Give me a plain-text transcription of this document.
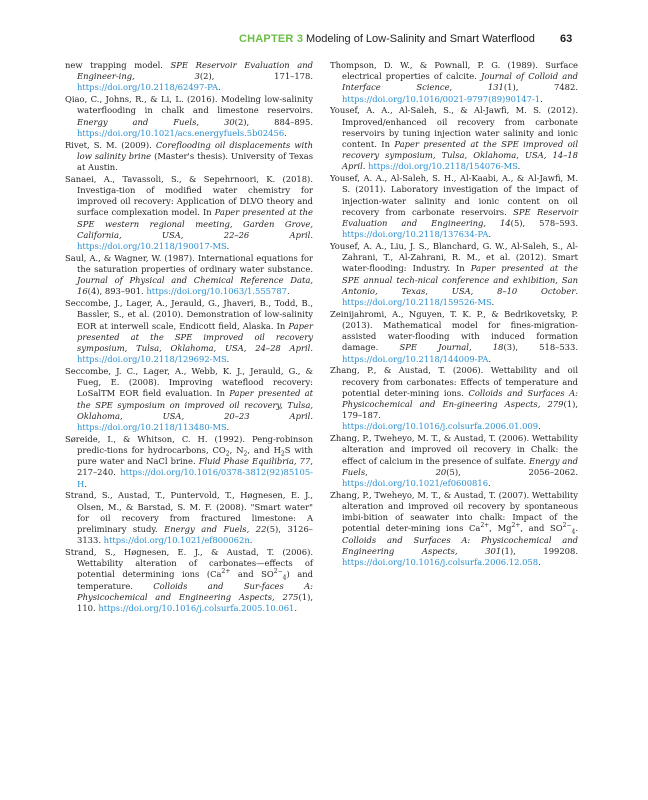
CHAPTER 3 Modeling of Low-Salinity and Smart Waterflood 63

new trapping model. SPE Reservoir Evaluation and Engineer-ing, 3(2), 171–178. https://doi.org/10.2118/62497-PA.

Qiao, C., Johns, R., & Li, L. (2016). Modeling low-salinity waterflooding in chalk and limestone reservoirs. Energy and Fuels, 30(2), 884–895. https://doi.org/10.1021/acs.energyfuels.5b02456.

Rivet, S. M. (2009). Coreflooding oil displacements with low salinity brine (Master's thesis). University of Texas at Austin.

Sanaei, A., Tavassoli, S., & Sepehrnoori, K. (2018). Investiga-tion of modified water chemistry for improved oil recovery: Application of DLVO theory and surface complexation model. In Paper presented at the SPE western regional meeting, Garden Grove, California, USA, 22–26 April. https://doi.org/10.2118/190017-MS.

Saul, A., & Wagner, W. (1987). International equations for the saturation properties of ordinary water substance. Journal of Physical and Chemical Reference Data, 16(4), 893–901. https://doi.org/10.1063/1.555787.

Seccombe, J., Lager, A., Jerauld, G., Jhaveri, B., Todd, B., Bassler, S., et al. (2010). Demonstration of low-salinity EOR at interwell scale, Endicott field, Alaska. In Paper presented at the SPE improved oil recovery symposium, Tulsa, Oklahoma, USA, 24–28 April. https://doi.org/10.2118/129692-MS.

Seccombe, J. C., Lager, A., Webb, K. J., Jerauld, G., & Fueg, E. (2008). Improving wateflood recovery: LoSalTM EOR field evaluation. In Paper presented at the SPE symposium on improved oil recovery, Tulsa, Oklahoma, USA, 20–23 April. https://doi.org/10.2118/113480-MS.

Søreide, I., & Whitson, C. H. (1992). Peng-robinson predic-tions for hydrocarbons, $CO_2$, $N_2$, and $H_2S$ with pure water and NaCl brine. Fluid Phase Equilibria, 77, 217–240. https://doi.org/10.1016/0378-3812(92)85105-H.

Strand, S., Austad, T., Puntervold, T., Høgnesen, E. J., Olsen, M., & Barstad, S. M. F. (2008). "Smart water" for oil recovery from fractured limestone: A preliminary study. Energy and Fuels, 22(5), 3126–3133. https://doi.org/10.1021/ef800062n.

Strand, S., Høgnesen, E. J., & Austad, T. (2006). Wettability alteration of carbonates—effects of potential determining ions ($Ca^{2+}$ and $SO^{2-}_4$) and temperature. Colloids and Sur-faces A: Physicochemical and Engineering Aspects, 275(1), 110. https://doi.org/10.1016/j.colsurfa.2005.10.061.

Thompson, D. W., & Pownall, P. G. (1989). Surface electrical properties of calcite. Journal of Colloid and Interface Science, 131(1), 7482. https://doi.org/10.1016/0021-9797(89)90147-1.

Yousef, A. A., Al-Saleh, S., & Al-Jawfi, M. S. (2012). Improved/enhanced oil recovery from carbonate reservoirs by tuning injection water salinity and ionic content. In Paper presented at the SPE improved oil recovery symposium, Tulsa, Oklahoma, USA, 14–18 April. https://doi.org/10.2118/154076-MS.

Yousef, A. A., Al-Saleh, S. H., Al-Kaabi, A., & Al-Jawfi, M. S. (2011). Laboratory investigation of the impact of injection-water salinity and ionic content on oil recovery from carbonate reservoirs. SPE Reservoir Evaluation and Engineering, 14(5), 578–593. https://doi.org/10.2118/137634-PA.

Yousef, A. A., Liu, J. S., Blanchard, G. W., Al-Saleh, S., Al-Zahrani, T., Al-Zahrani, R. M., et al. (2012). Smart water-flooding: Industry. In Paper presented at the SPE annual tech-nical conference and exhibition, San Antonio, Texas, USA, 8–10 October. https://doi.org/10.2118/159526-MS.

Zeinijahromi, A., Nguyen, T. K. P., & Bedrikovetsky, P. (2013). Mathematical model for fines-migration-assisted water-flooding with induced formation damage. SPE Journal, 18(3), 518–533. https://doi.org/10.2118/144009-PA.

Zhang, P., & Austad, T. (2006). Wettability and oil recovery from carbonates: Effects of temperature and potential deter-mining ions. Colloids and Surfaces A: Physicochemical and En-gineering Aspects, 279(1), 179–187. https://doi.org/10.1016/j.colsurfa.2006.01.009.

Zhang, P., Tweheyo, M. T., & Austad, T. (2006). Wettability alteration and improved oil recovery in Chalk: the effect of calcium in the presence of sulfate. Energy and Fuels, 20(5), 2056–2062. https://doi.org/10.1021/ef0600816.

Zhang, P., Tweheyo, M. T., & Austad, T. (2007). Wettability alteration and improved oil recovery by spontaneous imbi-bition of seawater into chalk: Impact of the potential deter-mining ions $Ca^{2+}$, $Mg^{2+}$, and $SO^{2-}_4$. Colloids and Surfaces A: Physicochemical and Engineering Aspects, 301(1), 199208. https://doi.org/10.1016/j.colsurfa.2006.12.058.
